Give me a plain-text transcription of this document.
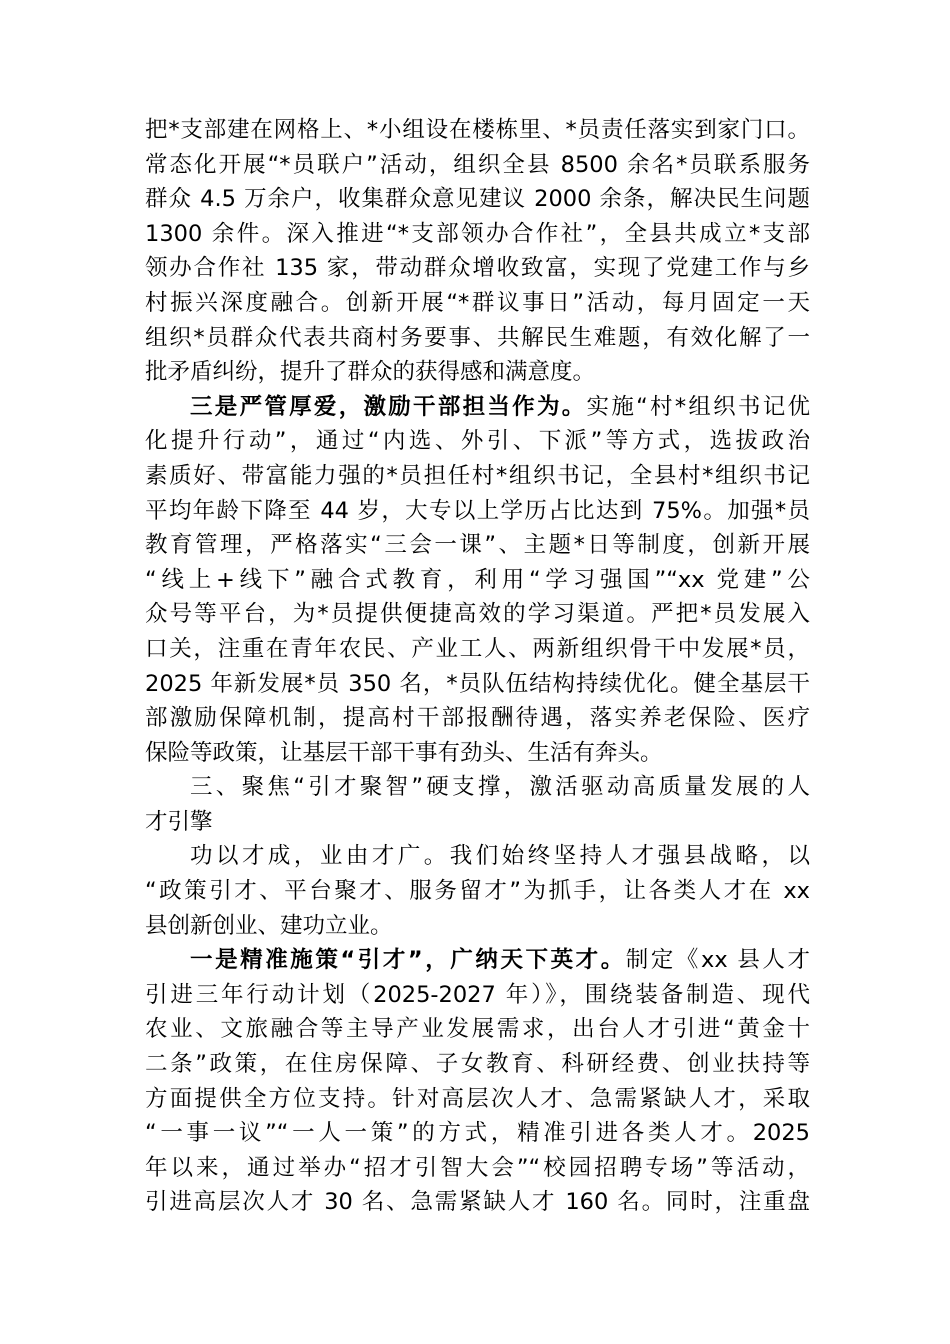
把*支部建在网格上、*小组设在楼栋里、*员责任落实到家门口。
常态化开展“*员联户”活动，组织全县 8500 余名*员联系服务
群众 4.5 万余户，收集群众意见建议 2000 余条，解决民生问题
1300 余件。深入推进“*支部领办合作社”，全县共成立*支部
领办合作社 135 家，带动群众增收致富，实现了党建工作与乡
村振兴深度融合。创新开展“*群议事日”活动，每月固定一天
组织*员群众代表共商村务要事、共解民生难题，有效化解了一
批矛盾纠纷，提升了群众的获得感和满意度。
三是严管厚爱，激励干部担当作为。实施“村*组织书记优
化提升行动”，通过“内选、外引、下派”等方式，选拔政治
素质好、带富能力强的*员担任村*组织书记，全县村*组织书记
平均年龄下降至 44 岁，大专以上学历占比达到 75%。加强*员
教育管理，严格落实“三会一课”、主题*日等制度，创新开展
“线上+线下”融合式教育，利用“学习强国”“xx 党建”公
众号等平台，为*员提供便捷高效的学习渠道。严把*员发展入
口关，注重在青年农民、产业工人、两新组织骨干中发展*员，
2025 年新发展*员 350 名，*员队伍结构持续优化。健全基层干
部激励保障机制，提高村干部报酬待遇，落实养老保险、医疗
保险等政策，让基层干部干事有劲头、生活有奔头。
三、聚焦“引才聚智”硬支撑，激活驱动高质量发展的人
才引擎
功以才成，业由才广。我们始终坚持人才强县战略，以
“政策引才、平台聚才、服务留才”为抓手，让各类人才在 xx
县创新创业、建功立业。
一是精准施策“引才”，广纳天下英才。制定《xx 县人才
引进三年行动计划（2025-2027 年）》，围绕装备制造、现代
农业、文旅融合等主导产业发展需求，出台人才引进“黄金十
二条”政策，在住房保障、子女教育、科研经费、创业扶持等
方面提供全方位支持。针对高层次人才、急需紧缺人才，采取
“一事一议”“一人一策”的方式，精准引进各类人才。2025
年以来，通过举办“招才引智大会”“校园招聘专场”等活动，
引进高层次人才 30 名、急需紧缺人才 160 名。同时，注重盘
